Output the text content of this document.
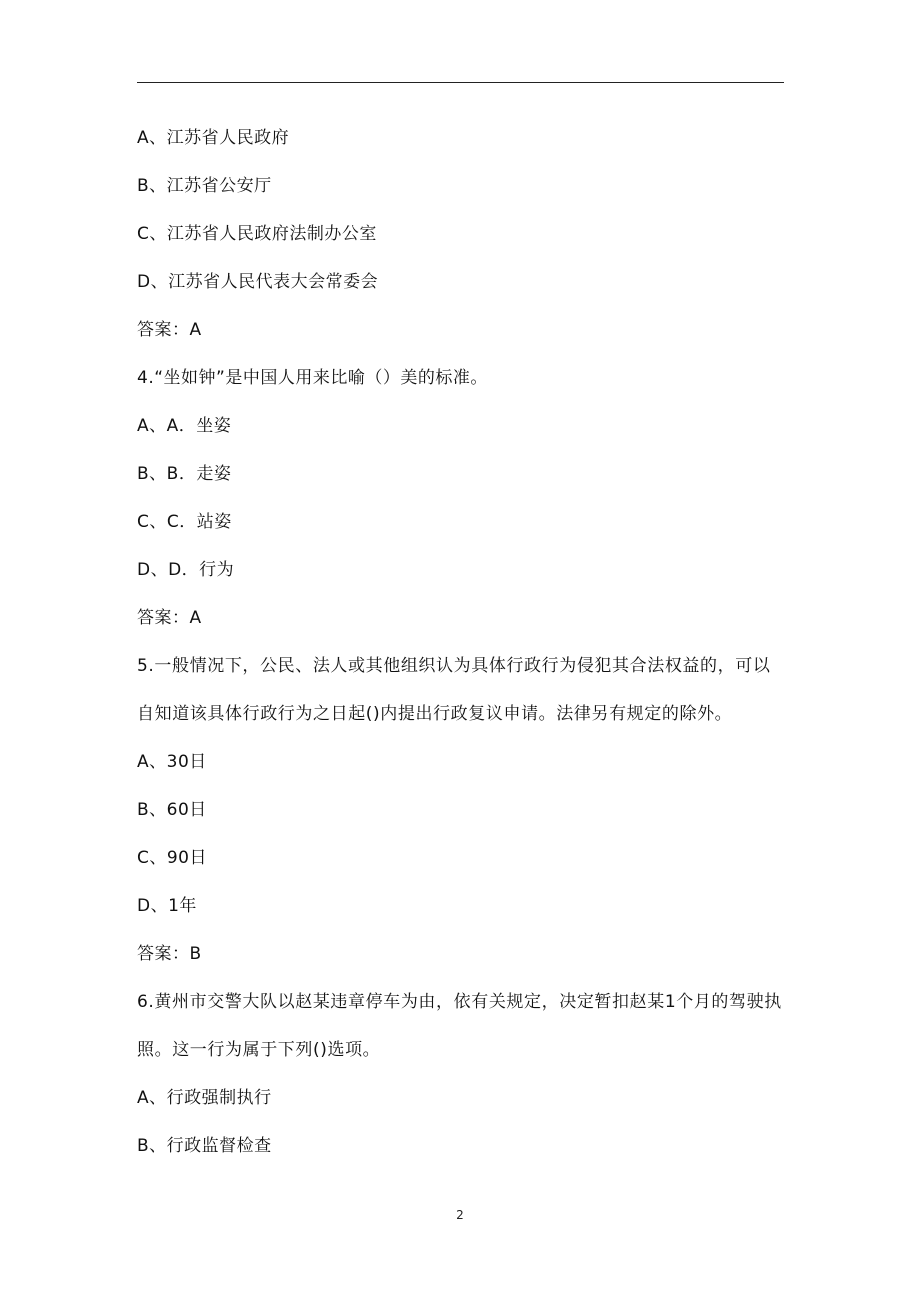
A、江苏省人民政府
B、江苏省公安厅
C、江苏省人民政府法制办公室
D、江苏省人民代表大会常委会
答案：A
4.“坐如钟”是中国人用来比喻（）美的标准。
A、A．坐姿
B、B．走姿
C、C．站姿
D、D．行为
答案：A
5.一般情况下，公民、法人或其他组织认为具体行政行为侵犯其合法权益的，可以自知道该具体行政行为之日起()内提出行政复议申请。法律另有规定的除外。
A、30日
B、60日
C、90日
D、1年
答案：B
6.黄州市交警大队以赵某违章停车为由，依有关规定，决定暂扣赵某1个月的驾驶执照。这一行为属于下列()选项。
A、行政强制执行
B、行政监督检查
2
